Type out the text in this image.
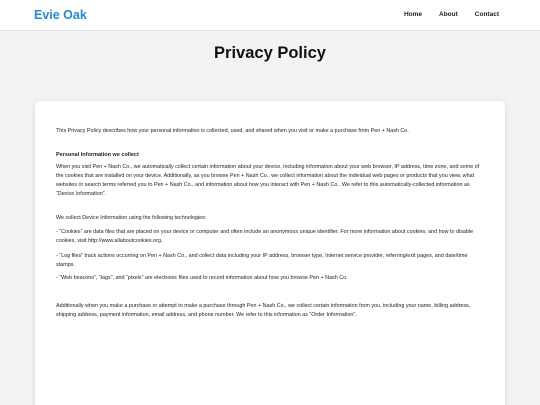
Evie Oak	Home	About	Contact
Privacy Policy

This Privacy Policy describes how your personal information is collected, used, and shared when you visit or make a purchase from Pen + Nash Co.

Personal Information we collect

When you visit Pen + Nash Co., we automatically collect certain information about your device, including information about your web browser, IP address, time zone, and some of the cookies that are installed on your device. Additionally, as you browse Pen + Nash Co., we collect information about the individual web pages or products that you view, what websites or search terms referred you to Pen + Nash Co., and information about how you interact with Pen + Nash Co.. We refer to this automatically-collected information as “Device Information”.

We collect Device Information using the following technologies:

- “Cookies” are data files that are placed on your device or computer and often include an anonymous unique identifier. For more information about cookies, and how to disable cookies, visit http://www.allaboutcookies.org.

- “Log files” track actions occurring on Pen + Nash Co., and collect data including your IP address, browser type, Internet service provider, referring/exit pages, and date/time stamps.

- “Web beacons”, “tags”, and “pixels” are electronic files used to record information about how you browse Pen + Nash Co.

Additionally when you make a purchase or attempt to make a purchase through Pen + Nash Co., we collect certain information from you, including your name, billing address, shipping address, payment information, email address, and phone number. We refer to this information as “Order Information”.
